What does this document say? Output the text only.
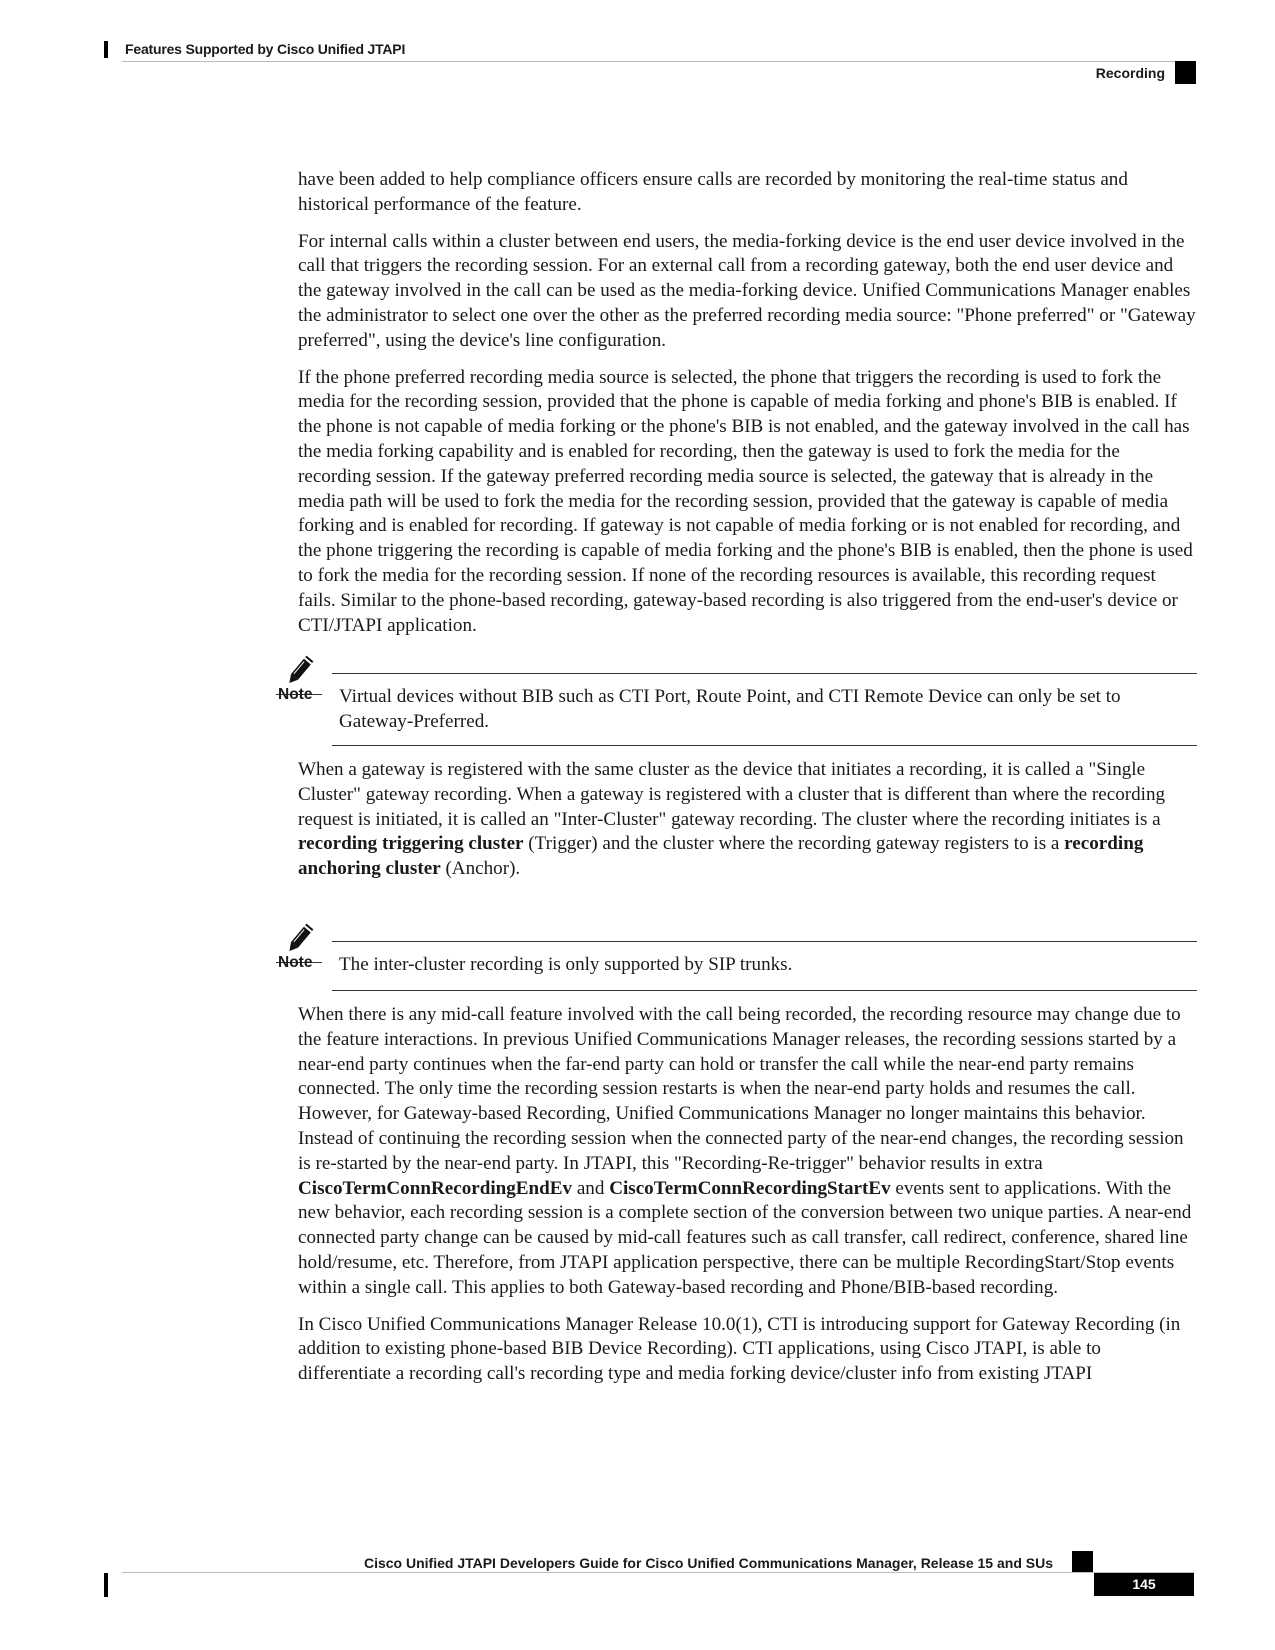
Features Supported by Cisco Unified JTAPI
Recording

have been added to help compliance officers ensure calls are recorded by monitoring the real-time status and historical performance of the feature.

For internal calls within a cluster between end users, the media-forking device is the end user device involved in the call that triggers the recording session. For an external call from a recording gateway, both the end user device and the gateway involved in the call can be used as the media-forking device. Unified Communications Manager enables the administrator to select one over the other as the preferred recording media source: "Phone preferred" or "Gateway preferred", using the device's line configuration.

If the phone preferred recording media source is selected, the phone that triggers the recording is used to fork the media for the recording session, provided that the phone is capable of media forking and phone's BIB is enabled. If the phone is not capable of media forking or the phone's BIB is not enabled, and the gateway involved in the call has the media forking capability and is enabled for recording, then the gateway is used to fork the media for the recording session. If the gateway preferred recording media source is selected, the gateway that is already in the media path will be used to fork the media for the recording session, provided that the gateway is capable of media forking and is enabled for recording. If gateway is not capable of media forking or is not enabled for recording, and the phone triggering the recording is capable of media forking and the phone's BIB is enabled, then the phone is used to fork the media for the recording session. If none of the recording resources is available, this recording request fails. Similar to the phone-based recording, gateway-based recording is also triggered from the end-user's device or CTI/JTAPI application.

Note Virtual devices without BIB such as CTI Port, Route Point, and CTI Remote Device can only be set to Gateway-Preferred.

When a gateway is registered with the same cluster as the device that initiates a recording, it is called a "Single Cluster" gateway recording. When a gateway is registered with a cluster that is different than where the recording request is initiated, it is called an "Inter-Cluster" gateway recording. The cluster where the recording initiates is a recording triggering cluster (Trigger) and the cluster where the recording gateway registers to is a recording anchoring cluster (Anchor).

Note The inter-cluster recording is only supported by SIP trunks.

When there is any mid-call feature involved with the call being recorded, the recording resource may change due to the feature interactions. In previous Unified Communications Manager releases, the recording sessions started by a near-end party continues when the far-end party can hold or transfer the call while the near-end party remains connected. The only time the recording session restarts is when the near-end party holds and resumes the call. However, for Gateway-based Recording, Unified Communications Manager no longer maintains this behavior. Instead of continuing the recording session when the connected party of the near-end changes, the recording session is re-started by the near-end party. In JTAPI, this "Recording-Re-trigger" behavior results in extra CiscoTermConnRecordingEndEv and CiscoTermConnRecordingStartEv events sent to applications. With the new behavior, each recording session is a complete section of the conversion between two unique parties. A near-end connected party change can be caused by mid-call features such as call transfer, call redirect, conference, shared line hold/resume, etc. Therefore, from JTAPI application perspective, there can be multiple RecordingStart/Stop events within a single call. This applies to both Gateway-based recording and Phone/BIB-based recording.

In Cisco Unified Communications Manager Release 10.0(1), CTI is introducing support for Gateway Recording (in addition to existing phone-based BIB Device Recording). CTI applications, using Cisco JTAPI, is able to differentiate a recording call's recording type and media forking device/cluster info from existing JTAPI

Cisco Unified JTAPI Developers Guide for Cisco Unified Communications Manager, Release 15 and SUs
145
